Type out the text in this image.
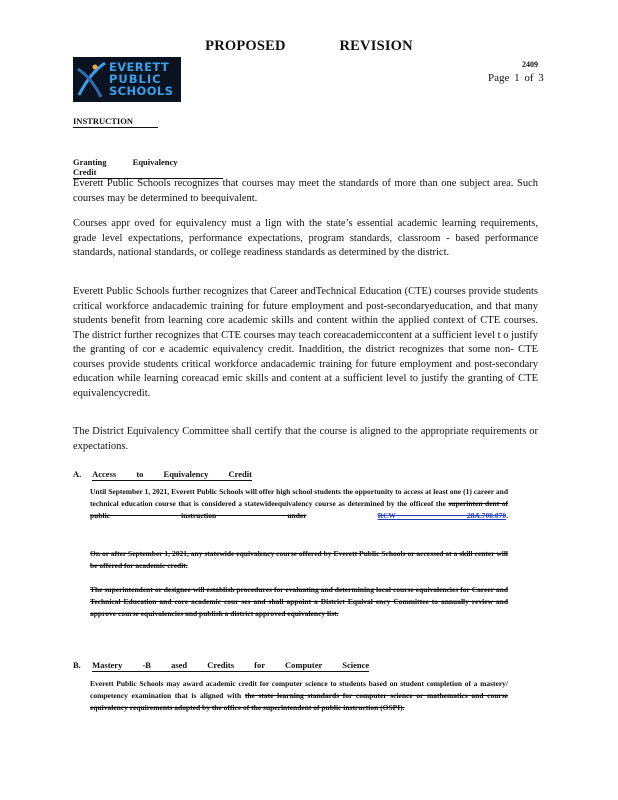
PROPOSED REVISION
EVERETT
PUBLIC
SCHOOLS
2409
Page 1 of 3
INSTRUCTION
Granting Equivalency Credit
Everett Public Schools recognizes that courses may meet the standards of more than one subject area. Such courses may be determined to beequivalent.
Courses appr oved for equivalency must a lign with the state’s essential academic learning requirements, grade level expectations, performance expectations, program standards, classroom - based performance standards, national standards, or college readiness standards as determined by the district.
Everett Public Schools further recognizes that Career andTechnical Education (CTE) courses provide students critical workforce andacademic training for future employment and post-secondaryeducation, and that many students benefit from learning core academic skills and content within the applied context of CTE courses. The district further recognizes that CTE courses may teach coreacademiccontent at a sufficient level t o justify the granting of cor e academic equivalency credit. Inaddition, the district recognizes that some non- CTE courses provide students critical workforce andacademic training for future employment and post-secondary education while learning coreacad emic skills and content at a sufficient level to justify the granting of CTE equivalencycredit.
The District Equivalency Committee shall certify that the course is aligned to the appropriate requirements or expectations.
A. Access to Equivalency Credit
Until September 1, 2021, Everett Public Schools will offer high school students the opportunity to access at least one (1) career and technical education course that is considered a statewideequivalency course as determined by the officeof the superinten dent of public instruction under	RCW 28A.700.070.
On or after September 1, 2021, any statewide equivalency course offered by Everett Public Schools or accessed at a skill center will be offered for academic credit.
The superintendent or designee will establish procedures for evaluating and determining local course equivalencies for Career and Technical Education and core academic cour ses and shall appoint a District Equival ency Committee to annually review and approve course equivalencies and publish a district approved equivalency list.
B. Mastery -B ased Credits for Computer Science
Everett Public Schools may award academic credit for computer science to students based on student completion of a mastery/ competency examination that is aligned with the state learning standards for computer science or mathematics and course equivalency requirements adopted by the office of the superintendent of public instruction (OSPI).
